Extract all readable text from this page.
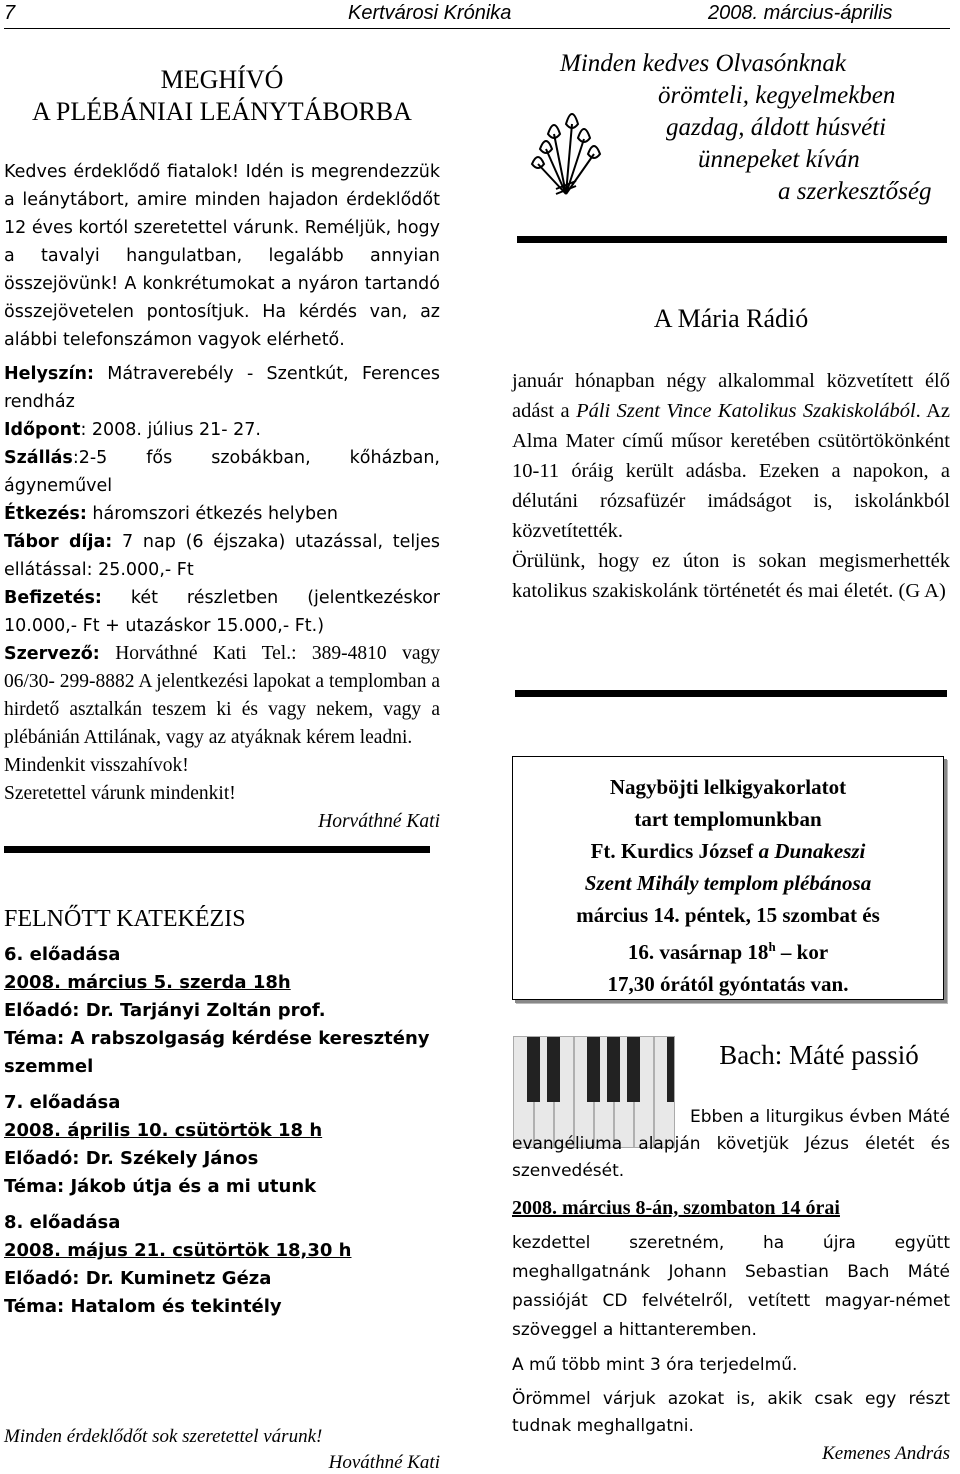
7	Kertvárosi Krónika	2008. március-április
MEGHÍVÓ
A PLÉBÁNIAI LEÁNYTÁBORBA

Kedves érdeklődő fiatalok! Idén is megrendezzük a leánytábort, amire minden hajadon érdeklődőt 12 éves kortól szeretettel várunk. Reméljük, hogy a tavalyi hangulatban, legalább annyian összejövünk! A konkrétumokat a nyáron tartandó összejövetelen pontosítjuk. Ha kérdés van, az alábbi telefonszámon vagyok elérhető.

Helyszín: Mátraverebély - Szentkút, Ferences rendház

Időpont: 2008. július 21- 27.

Szállás:2-5 fős szobákban, kőházban, ágyneművel

Étkezés: háromszori étkezés helyben

Tábor díja: 7 nap (6 éjszaka) utazással, teljes ellátással: 25.000,- Ft

Befizetés: két részletben (jelentkezéskor 10.000,- Ft + utazáskor 15.000,- Ft.)

Szervező: Horváthné Kati Tel.: 389-4810 vagy 06/30- 299-8882 A jelentkezési lapokat a templomban a hirdető asztalkán teszem ki és vagy nekem, vagy a plébánián Attilának, vagy az atyáknak kérem leadni.

Mindenkit visszahívok!

Szeretettel várunk mindenkit!

Horváthné Kati

FELNŐTT KATEKÉZIS
6. előadása
2008. március 5. szerda 18h
Előadó: Dr. Tarjányi Zoltán prof.
Téma: A rabszolgaság kérdése keresztény szemmel
7. előadása
2008. április 10. csütörtök 18 h
Előadó: Dr. Székely János
Téma: Jákob útja és a mi utunk
8. előadása
2008. május 21. csütörtök 18,30 h
Előadó: Dr. Kuminetz Géza
Téma: Hatalom és tekintély

Minden érdeklődőt sok szeretettel várunk!

Hováthné Kati

Minden kedves Olvasónknak
örömteli, kegyelmekben
gazdag, áldott húsvéti
ünnepeket kíván
a szerkesztőség
A Mária Rádió

január hónapban négy alkalommal közvetített élő adást a Páli Szent Vince Katolikus Szakiskolából. Az Alma Mater című műsor keretében csütörtökönként 10-11 óráig került adásba. Ezeken a napokon, a délutáni rózsafüzér imádságot is, iskolánkból közvetítették.

Örülünk, hogy ez úton is sokan megismerhették katolikus szakiskolánk történetét és mai életét. (G A)

Nagyböjti lelkigyakorlatot
tart templomunkban
Ft. Kurdics József a Dunakeszi
Szent Mihály templom plébánosa
március 14. péntek, 15 szombat és
16. vasárnap 18$^h$ – kor
17,30 órától gyóntatás van.
Bach: Máté passió

Ebben a liturgikus évben Máté evangéliuma alapján követjük Jézus életét és szenvedését.

2008. március 8-án, szombaton 14 órai

kezdettel szeretném, ha újra együtt meghallgatnánk Johann Sebastian Bach Máté passióját CD felvételről, vetített magyar-német szöveggel a hittanteremben.

A mű több mint 3 óra terjedelmű.

Örömmel várjuk azokat is, akik csak egy részt tudnak meghallgatni.

Kemenes András
